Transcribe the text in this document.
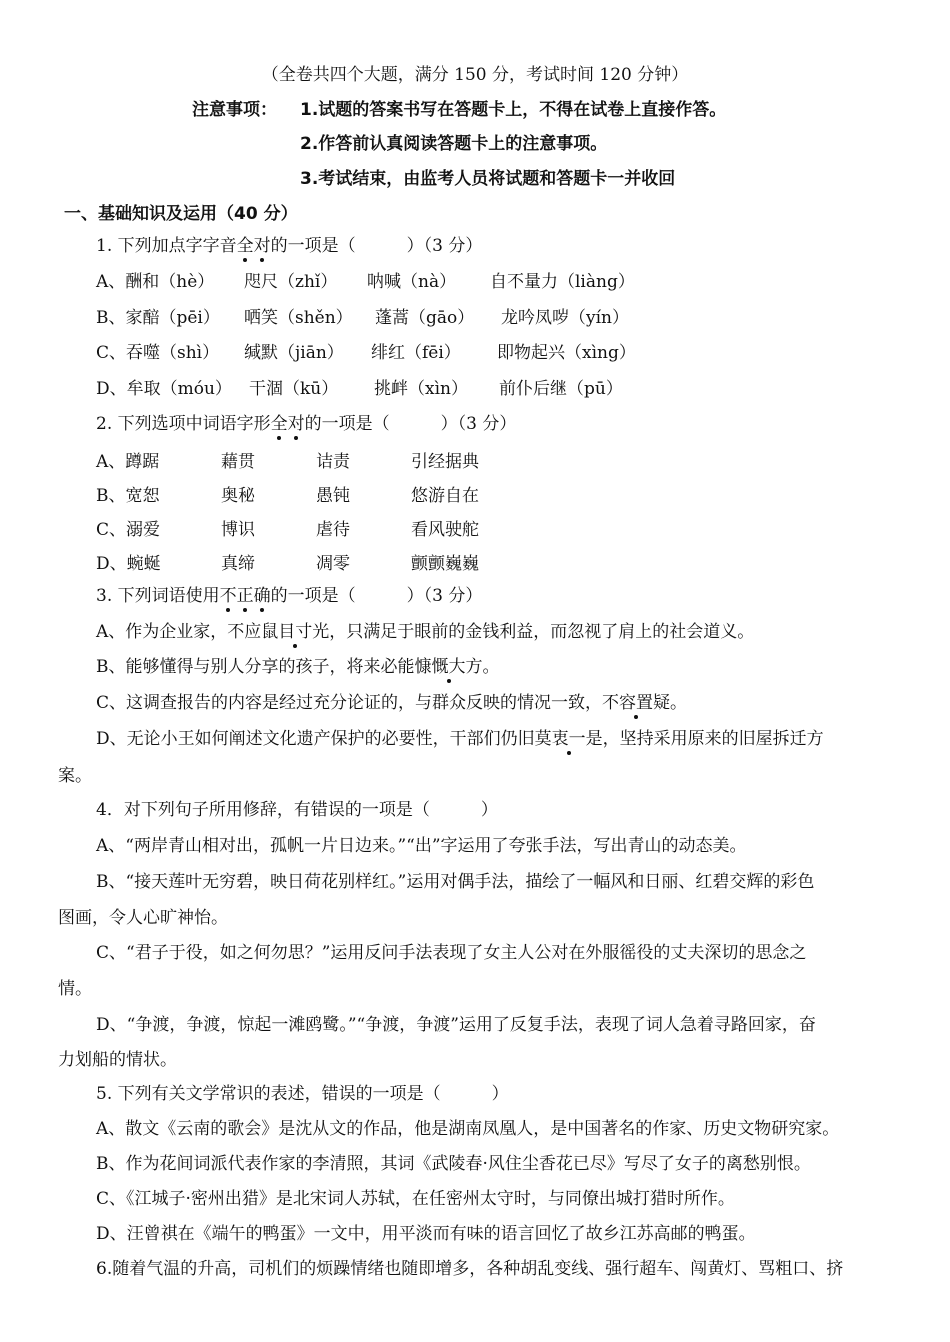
（全卷共四个大题，满分 150 分，考试时间 120 分钟）
注意事项： 1.试题的答案书写在答题卡上，不得在试卷上直接作答。
2.作答前认真阅读答题卡上的注意事项。
3.考试结束，由监考人员将试题和答题卡一并收回
一、基础知识及运用（40 分）
1. 下列加点字字音全对的一项是（　　　）（3 分）
A、酬和（hè） 咫尺（zhǐ） 呐喊（nà） 自不量力（liàng）
B、家醅（pēi） 哂笑（shěn） 蓬蒿（gāo） 龙吟凤哕（yín）
C、吞噬（shì） 缄默（jiān） 绯红（fēi） 即物起兴（xìng）
D、牟取（móu） 干涸（kū） 挑衅（xìn） 前仆后继（pū）
2. 下列选项中词语字形全对的一项是（　　　）（3 分）
A、蹲踞	藉贯	诘责	引经据典
B、宽恕	奥秘	愚钝	悠游自在
C、溺爱	博识	虐待	看风驶舵
D、蜿蜒	真缔	凋零	颤颤巍巍
3. 下列词语使用不正确的一项是（　　　）（3 分）
A、作为企业家，不应鼠目寸光，只满足于眼前的金钱利益，而忽视了肩上的社会道义。
B、能够懂得与别人分享的孩子，将来必能慷慨大方。
C、这调查报告的内容是经过充分论证的，与群众反映的情况一致，不容置疑。
D、无论小王如何阐述文化遗产保护的必要性，干部们仍旧莫衷一是，坚持采用原来的旧屋拆迁方
案。
4．对下列句子所用修辞，有错误的一项是（　　　）
A、“两岸青山相对出，孤帆一片日边来。”“出”字运用了夸张手法，写出青山的动态美。
B、“接天莲叶无穷碧，映日荷花别样红。”运用对偶手法，描绘了一幅风和日丽、红碧交辉的彩色
图画，令人心旷神怡。
C、“君子于役，如之何勿思？”运用反问手法表现了女主人公对在外服徭役的丈夫深切的思念之
情。
D、“争渡，争渡，惊起一滩鸥鹭。”“争渡，争渡”运用了反复手法，表现了词人急着寻路回家，奋
力划船的情状。
5. 下列有关文学常识的表述，错误的一项是（　　　）
A、散文《云南的歌会》是沈从文的作品，他是湖南凤凰人，是中国著名的作家、历史文物研究家。
B、作为花间词派代表作家的李清照，其词《武陵春·风住尘香花已尽》写尽了女子的离愁别恨。
C、《江城子·密州出猎》是北宋词人苏轼，在任密州太守时，与同僚出城打猎时所作。
D、汪曾祺在《端午的鸭蛋》一文中，用平淡而有味的语言回忆了故乡江苏高邮的鸭蛋。
6.随着气温的升高，司机们的烦躁情绪也随即增多，各种胡乱变线、强行超车、闯黄灯、骂粗口、挤
